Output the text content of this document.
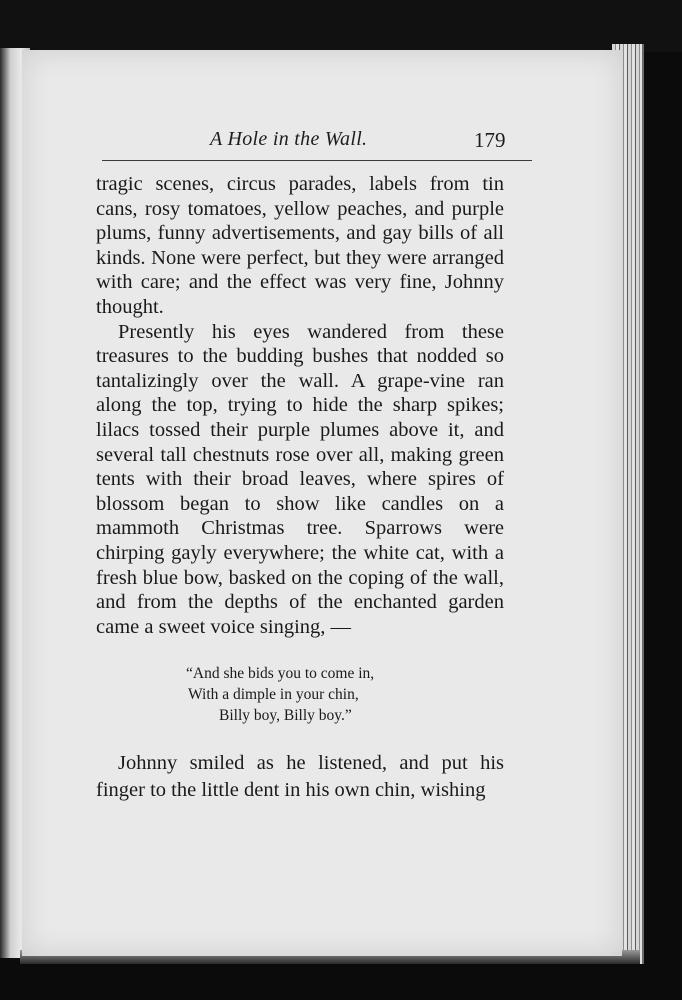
A Hole in the Wall.	179

tragic scenes, circus parades, labels from tin cans, rosy tomatoes, yellow peaches, and purple plums, funny advertisements, and gay bills of all kinds. None were perfect, but they were arranged with care; and the effect was very fine, Johnny thought.

Presently his eyes wandered from these treasures to the budding bushes that nodded so tantalizingly over the wall. A grape-vine ran along the top, trying to hide the sharp spikes; lilacs tossed their purple plumes above it, and several tall chestnuts rose over all, making green tents with their broad leaves, where spires of blossom began to show like candles on a mammoth Christmas tree. Sparrows were chirping gayly everywhere; the white cat, with a fresh blue bow, basked on the coping of the wall, and from the depths of the enchanted garden came a sweet voice singing, —

“And she bids you to come in,
With a dimple in your chin,
Billy boy, Billy boy.”

Johnny smiled as he listened, and put his finger to the little dent in his own chin, wishing
